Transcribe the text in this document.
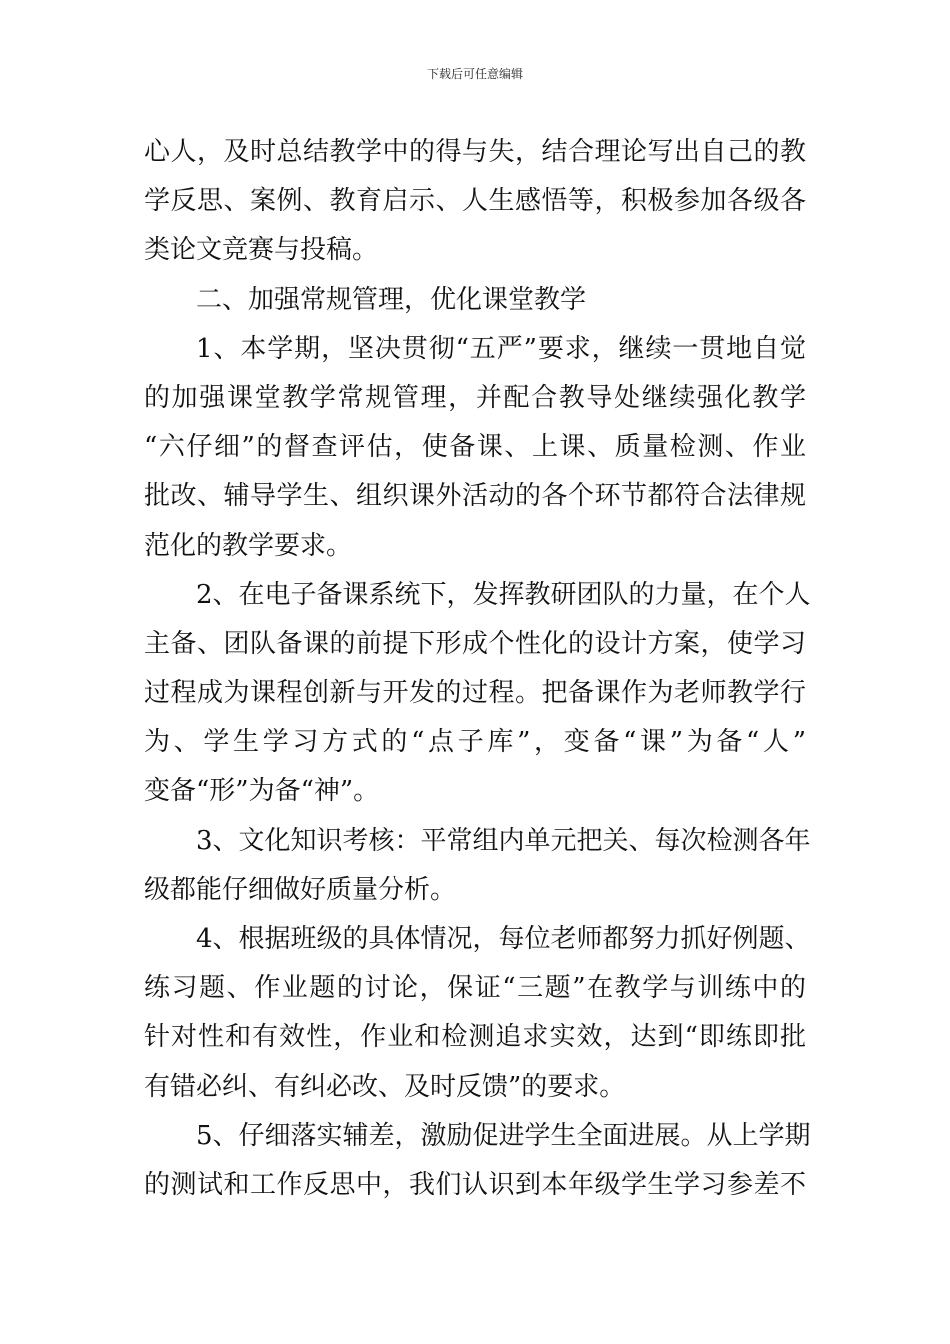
下载后可任意编辑
心人，及时总结教学中的得与失，结合理论写出自己的教
学反思、案例、教育启示、人生感悟等，积极参加各级各
类论文竞赛与投稿。
二、加强常规管理，优化课堂教学
1、本学期，坚决贯彻“五严”要求，继续一贯地自觉
的加强课堂教学常规管理，并配合教导处继续强化教学
“六仔细”的督查评估，使备课、上课、质量检测、作业
批改、辅导学生、组织课外活动的各个环节都符合法律规
范化的教学要求。
2、在电子备课系统下，发挥教研团队的力量，在个人
主备、团队备课的前提下形成个性化的设计方案，使学习
过程成为课程创新与开发的过程。把备课作为老师教学行
为、学生学习方式的“点子库”，变备“课”为备“人”
变备“形”为备“神”。
3、文化知识考核：平常组内单元把关、每次检测各年
级都能仔细做好质量分析。
4、根据班级的具体情况，每位老师都努力抓好例题、
练习题、作业题的讨论，保证“三题”在教学与训练中的
针对性和有效性，作业和检测追求实效，达到“即练即批
有错必纠、有纠必改、及时反馈”的要求。
5、仔细落实辅差，激励促进学生全面进展。从上学期
的测试和工作反思中，我们认识到本年级学生学习参差不
